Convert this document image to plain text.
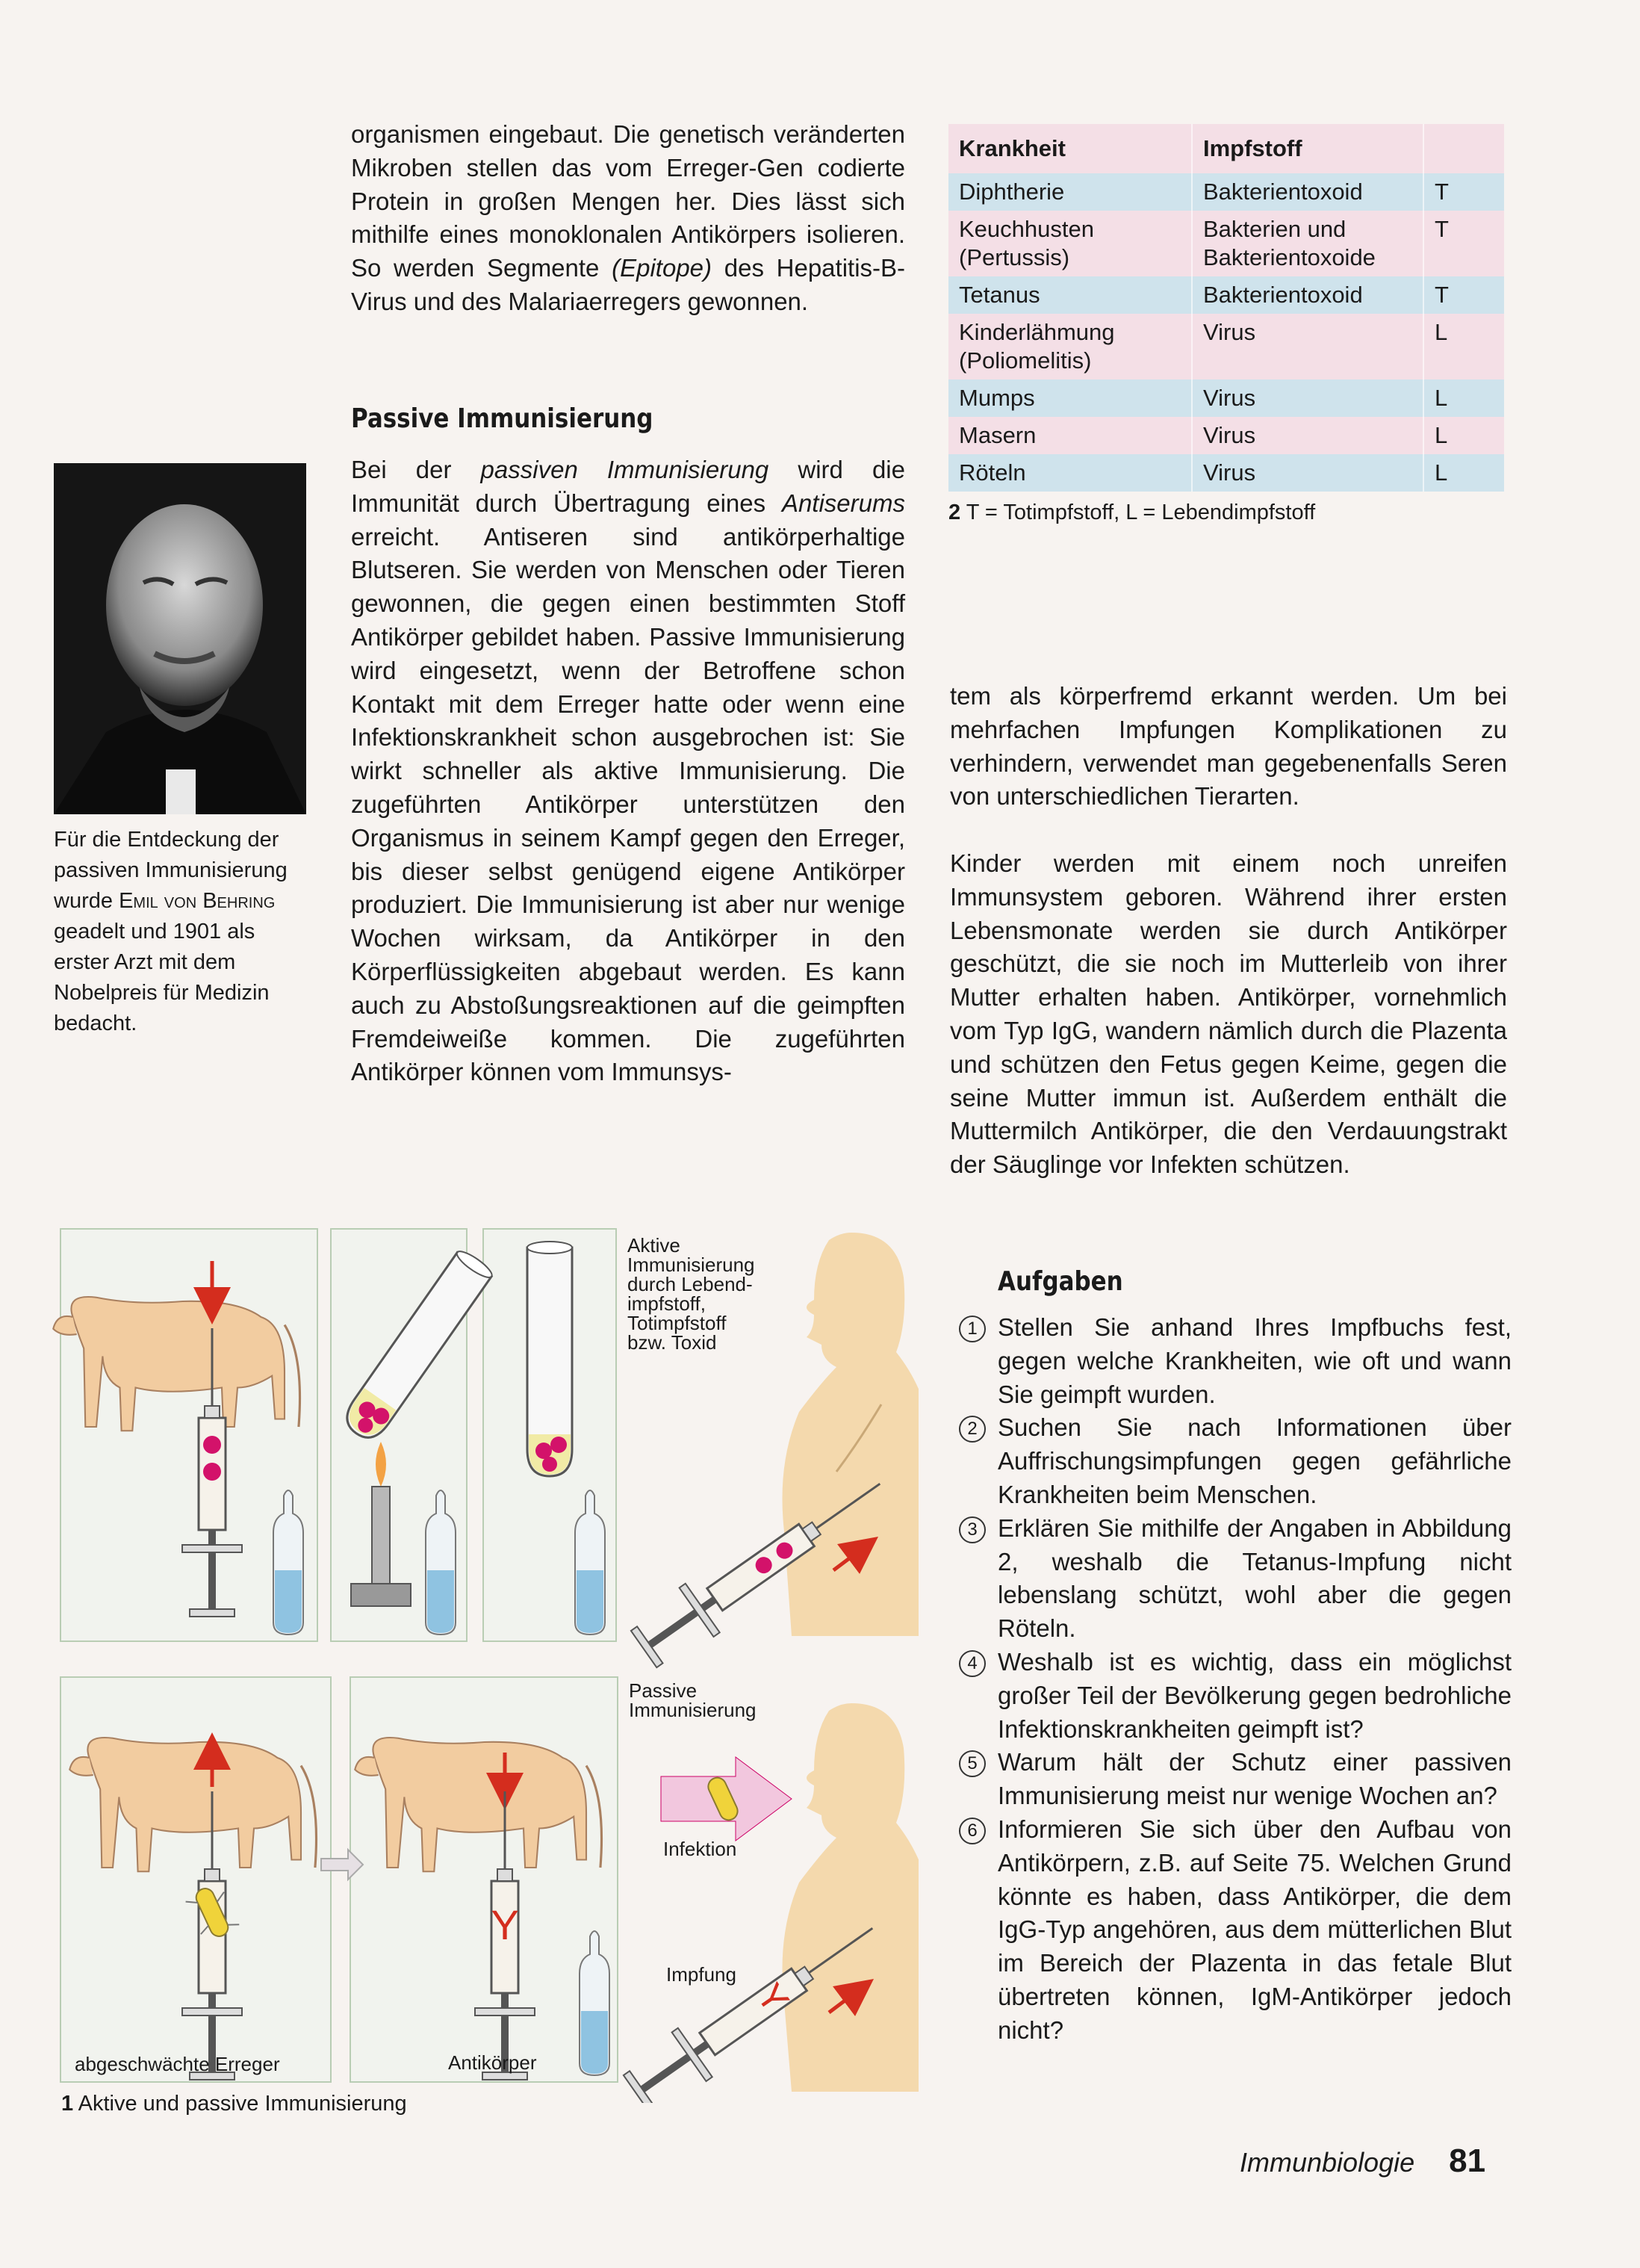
Für die Entdeckung der passiven Immunisierung wurde Emil von Behring geadelt und 1901 als erster Arzt mit dem Nobelpreis für Medizin bedacht.
organismen eingebaut. Die genetisch veränderten Mikroben stellen das vom Erreger-Gen codierte Protein in großen Mengen her. Dies lässt sich mithilfe eines monoklonalen Antikörpers isolieren. So werden Segmente (Epitope) des Hepatitis-B-Virus und des Malariaerregers gewonnen.
Passive Immunisierung
Bei der passiven Immunisierung wird die Immunität durch Übertragung eines Antiserums erreicht. Antiseren sind antikörperhaltige Blutseren. Sie werden von Menschen oder Tieren gewonnen, die gegen einen bestimmten Stoff Antikörper gebildet haben. Passive Immunisierung wird eingesetzt, wenn der Betroffene schon Kontakt mit dem Erreger hatte oder wenn eine Infektionskrankheit schon ausgebrochen ist: Sie wirkt schneller als aktive Immunisierung. Die zugeführten Antikörper unterstützen den Organismus in seinem Kampf gegen den Erreger, bis dieser selbst genügend eigene Antikörper produziert. Die Immunisierung ist aber nur wenige Wochen wirksam, da Antikörper in den Körperflüssigkeiten abgebaut werden. Es kann auch zu Abstoßungsreaktionen auf die geimpften Fremdeiweiße kommen. Die zugeführten Antikörper können vom Immunsys-
Krankheit	Impfstoff	
Diphtherie	Bakterientoxoid	T
Keuchhusten (Pertussis)	Bakterien und Bakterientoxoide	T
Tetanus	Bakterientoxoid	T
Kinderlähmung (Poliomelitis)	Virus	L
Mumps	Virus	L
Masern	Virus	L
Röteln	Virus	L
2 T = Totimpfstoff, L = Lebendimpfstoff
tem als körperfremd erkannt werden. Um bei mehrfachen Impfungen Komplikationen zu verhindern, verwendet man gegebenenfalls Seren von unterschiedlichen Tierarten.
Kinder werden mit einem noch unreifen Immunsystem geboren. Während ihrer ersten Lebensmonate werden sie durch Antikörper geschützt, die sie noch im Mutterleib von ihrer Mutter erhalten haben. Antikörper, vornehmlich vom Typ IgG, wandern nämlich durch die Plazenta und schützen den Fetus gegen Keime, gegen die seine Mutter immun ist. Außerdem enthält die Muttermilch Antikörper, die den Verdauungstrakt der Säuglinge vor Infekten schützen.
Aufgaben
1 Stellen Sie anhand Ihres Impfbuchs fest, gegen welche Krankheiten, wie oft und wann Sie geimpft wurden.
2 Suchen Sie nach Informationen über Auffrischungsimpfungen gegen gefährliche Krankheiten beim Menschen.
3 Erklären Sie mithilfe der Angaben in Abbildung 2, weshalb die Tetanus-Impfung nicht lebenslang schützt, wohl aber die gegen Röteln.
4 Weshalb ist es wichtig, dass ein möglichst großer Teil der Bevölkerung gegen bedrohliche Infektionskrankheiten geimpft ist?
5 Warum hält der Schutz einer passiven Immunisierung meist nur wenige Wochen an?
6 Informieren Sie sich über den Aufbau von Antikörpern, z.B. auf Seite 75. Welchen Grund könnte es haben, dass Antikörper, die dem IgG-Typ angehören, aus dem mütterlichen Blut im Bereich der Plazenta in das fetale Blut übertreten können, IgM-Antikörper jedoch nicht?
Y
Y
Aktive
Immunisierung
durch Lebend-
impfstoff,
Totimpfstoff
bzw. Toxid
Passive
Immunisierung
Infektion
Impfung
abgeschwächte Erreger	Antikörper
1 Aktive und passive Immunisierung
Immunbiologie 81
